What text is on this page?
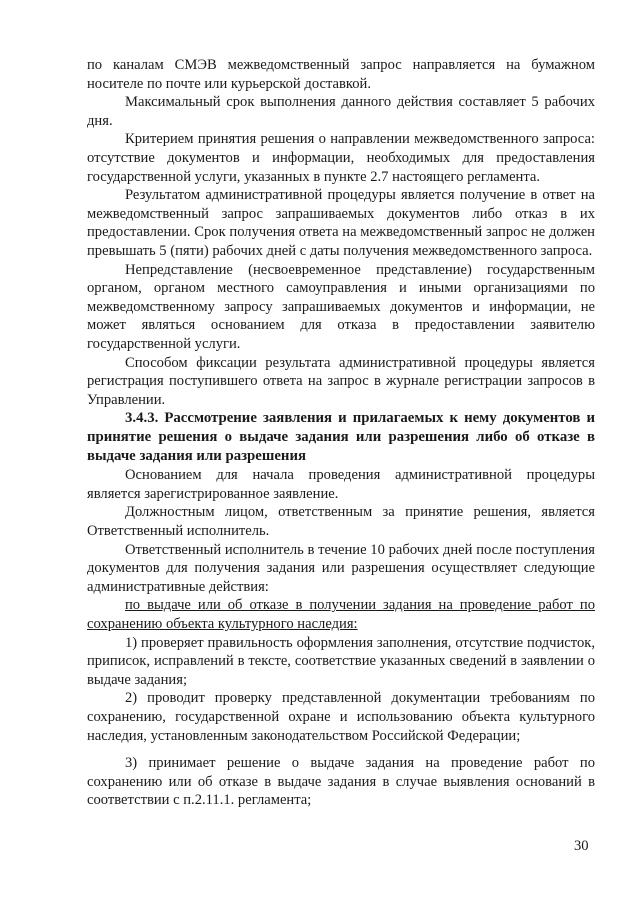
по каналам СМЭВ межведомственный запрос направляется на бумажном носителе по почте или курьерской доставкой.

Максимальный срок выполнения данного действия составляет 5 рабочих дня.

Критерием принятия решения о направлении межведомственного запроса: отсутствие документов и информации, необходимых для предоставления государственной услуги, указанных в пункте 2.7 настоящего регламента.

Результатом административной процедуры является получение в ответ на межведомственный запрос запрашиваемых документов либо отказ в их предоставлении. Срок получения ответа на межведомственный запрос не должен превышать 5 (пяти) рабочих дней с даты получения межведомственного запроса.

Непредставление (несвоевременное представление) государственным органом, органом местного самоуправления и иными организациями по межведомственному запросу запрашиваемых документов и информации, не может являться основанием для отказа в предоставлении заявителю государственной услуги.

Способом фиксации результата административной процедуры является регистрация поступившего ответа на запрос в журнале регистрации запросов в Управлении.

3.4.3. Рассмотрение заявления и прилагаемых к нему документов и принятие решения о выдаче задания или разрешения либо об отказе в выдаче задания или разрешения

Основанием для начала проведения административной процедуры является зарегистрированное заявление.

Должностным лицом, ответственным за принятие решения, является Ответственный исполнитель.

Ответственный исполнитель в течение 10 рабочих дней после поступления документов для получения задания или разрешения осуществляет следующие административные действия:

по выдаче или об отказе в получении задания на проведение работ по сохранению объекта культурного наследия:

1) проверяет правильность оформления заполнения, отсутствие подчисток, приписок, исправлений в тексте, соответствие указанных сведений в заявлении о выдаче задания;

2) проводит проверку представленной документации требованиям по сохранению, государственной охране и использованию объекта культурного наследия, установленным законодательством Российской Федерации;

3) принимает решение о выдаче задания на проведение работ по сохранению или об отказе в выдаче задания в случае выявления оснований в соответствии с п.2.11.1. регламента;

30
